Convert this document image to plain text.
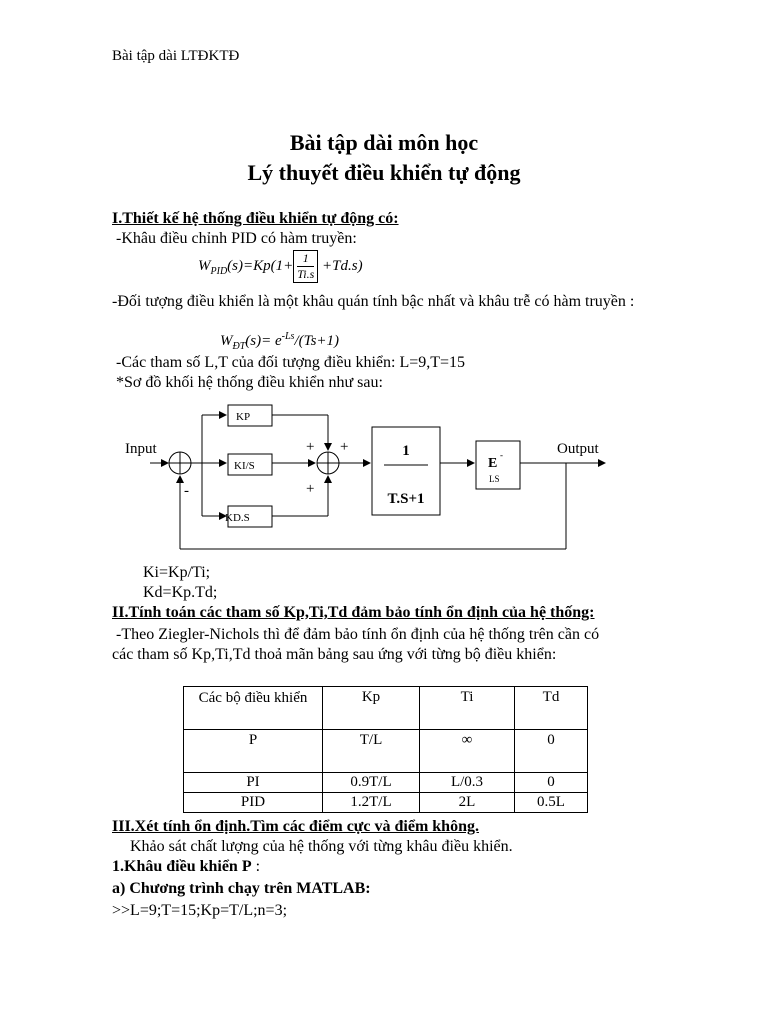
Bài tập dài LTĐKTĐ
Bài tập dài môn học
Lý thuyết điều khiển tự động
I.Thiết kế hệ thống điều khiển tự động có:
-Khâu điều chỉnh PID có hàm truyền:
$W_{PID}(s)=Kp(1+ \frac{1}{Ti.s} +Td.s)$
-Đối tượng điều khiển là một khâu quán tính bậc nhất và khâu trễ có hàm truyền :
$W_{ĐT}(s)= e^{-Ls}/(Ts+1)$
-Các tham số L,T của đối tượng điều khiển: L=9,T=15
*Sơ đồ khối hệ thống điều khiển như sau:
Input	Output
-
+ +
+
KP
KI/S
KD.S
1
T.S+1
E
-
LS
Ki=Kp/Ti;
Kd=Kp.Td;
II.Tính toán các tham số Kp,Ti,Td đảm bảo tính ổn định của hệ thống:
-Theo Ziegler-Nichols thì để đảm bảo tính ổn định của hệ thống trên cần có
các tham số Kp,Ti,Td thoả mãn bảng sau ứng với từng bộ điều khiển:
Các bộ điều khiển	Kp	Ti	Td
P	T/L	∞	0
PI	0.9T/L	L/0.3	0
PID	1.2T/L	2L	0.5L
III.Xét tính ổn định.Tìm các điểm cực và điểm không.
Khảo sát chất lượng của hệ thống với từng khâu điều khiển.
1.Khâu điều khiển P :
a) Chương trình chạy trên MATLAB:
>>L=9;T=15;Kp=T/L;n=3;
